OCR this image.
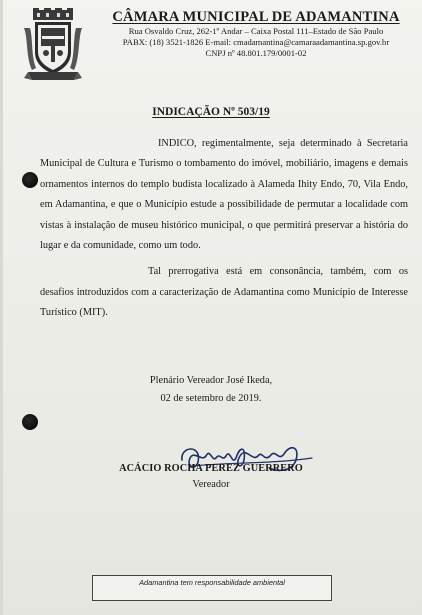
CÂMARA MUNICIPAL DE ADAMANTINA
Rua Osvaldo Cruz, 262-1º Andar – Caixa Postal 111–Estado de São Paulo
PABX: (18) 3521-1826 E-mail: cmadamantina@camaraadamantina.sp.gov.br
CNPJ nº 48.801.179/0001-02
INDICAÇÃO Nº 503/19

INDICO, regimentalmente, seja determinado à Secretaria Municipal de Cultura e Turismo o tombamento do imóvel, mobiliário, imagens e demais ornamentos internos do templo budista localizado à Alameda Ihity Endo, 70, Vila Endo, em Adamantina, e que o Município estude a possibilidade de permutar a localidade com vistas à instalação de museu histórico municipal, o que permitirá preservar a história do lugar e da comunidade, como um todo.

Tal prerrogativa está em consonância, também, com os desafios introduzidos com a caracterização de Adamantina como Município de Interesse Turístico (MIT).

Plenário Vereador José Ikeda,
02 de setembro de 2019.
ACÁCIO ROCHA PEREZ GUERRERO
Vereador
Adamantina tem responsabilidade ambiental
